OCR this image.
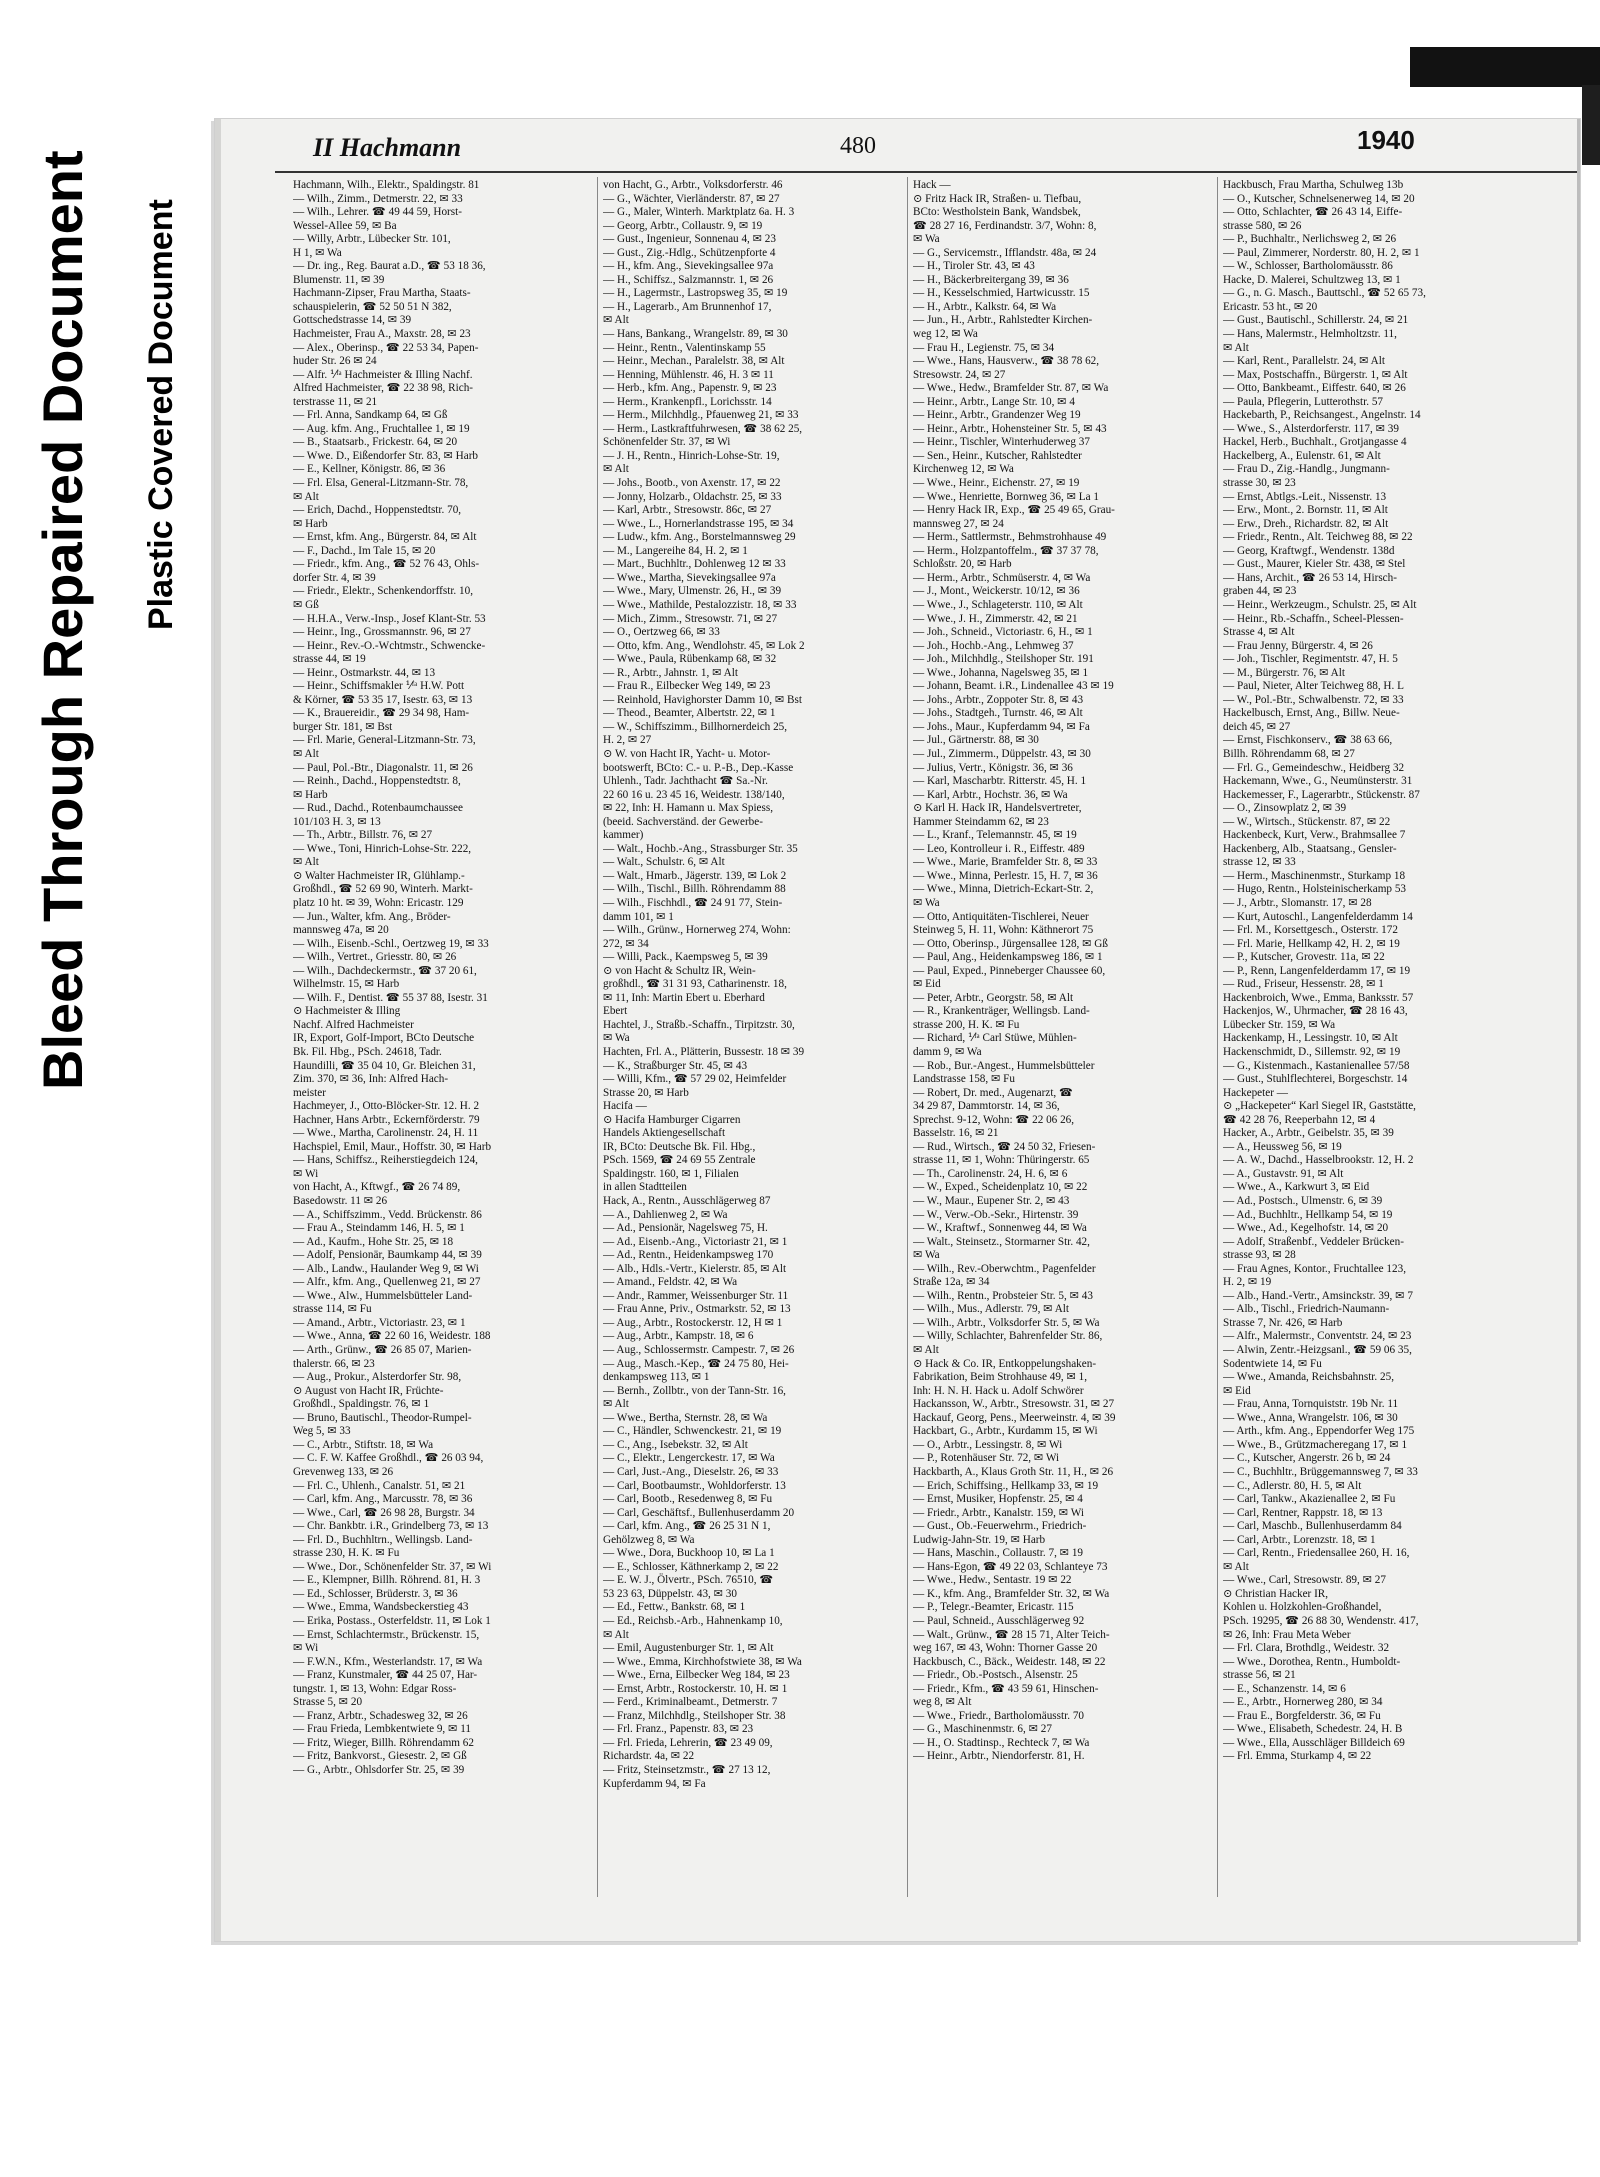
Bleed Through Repaired Document Plastic Covered Document
II Hachmann	480	1940
Hachmann, Wilh., Elektr., Spaldingstr. 81
— Wilh., Zimm., Detmerstr. 22, ✉ 33
— Wilh., Lehrer. ☎ 49 44 59, Horst-
Wessel-Allee 59, ✉ Ba
— Willy, Arbtr., Lübecker Str. 101,
H 1, ✉ Wa
— Dr. ing., Reg. Baurat a.D., ☎ 53 18 36,
Blumenstr. 11, ✉ 39
Hachmann-Zipser, Frau Martha, Staats-
schauspielerin, ☎ 52 50 51 N 382,
Gottschedstrasse 14, ✉ 39
Hachmeister, Frau A., Maxstr. 28, ✉ 23
— Alex., Oberinsp., ☎ 22 53 34, Papen-
huder Str. 26 ✉ 24
— Alfr. ⅟ᶠᵃ Hachmeister & Illing Nachf.
Alfred Hachmeister, ☎ 22 38 98, Rich-
terstrasse 11, ✉ 21
— Frl. Anna, Sandkamp 64, ✉ Gß
— Aug. kfm. Ang., Fruchtallee 1, ✉ 19
— B., Staatsarb., Frickestr. 64, ✉ 20
— Wwe. D., Eißendorfer Str. 83, ✉ Harb
— E., Kellner, Königstr. 86, ✉ 36
— Frl. Elsa, General-Litzmann-Str. 78,
✉ Alt
— Erich, Dachd., Hoppenstedtstr. 70,
✉ Harb
— Ernst, kfm. Ang., Bürgerstr. 84, ✉ Alt
— F., Dachd., Im Tale 15, ✉ 20
— Friedr., kfm. Ang., ☎ 52 76 43, Ohls-
dorfer Str. 4, ✉ 39
— Friedr., Elektr., Schenkendorffstr. 10,
✉ Gß
— H.H.A., Verw.-Insp., Josef Klant-Str. 53
— Heinr., Ing., Grossmannstr. 96, ✉ 27
— Heinr., Rev.-O.-Wchtmstr., Schwencke-
strasse 44, ✉ 19
— Heinr., Ostmarkstr. 44, ✉ 13
— Heinr., Schiffsmakler ⅟ᶠᵃ H.W. Pott
& Körner, ☎ 53 35 17, Isestr. 63, ✉ 13
— K., Brauereidir., ☎ 29 34 98, Ham-
burger Str. 181, ✉ Bst
— Frl. Marie, General-Litzmann-Str. 73,
✉ Alt
— Paul, Pol.-Btr., Diagonalstr. 11, ✉ 26
— Reinh., Dachd., Hoppenstedtstr. 8,
✉ Harb
— Rud., Dachd., Rotenbaumchaussee
101/103 H. 3, ✉ 13
— Th., Arbtr., Billstr. 76, ✉ 27
— Wwe., Toni, Hinrich-Lohse-Str. 222,
✉ Alt
⊙ Walter Hachmeister IR, Glühlamp.-
Großhdl., ☎ 52 69 90, Winterh. Markt-
platz 10 ht. ✉ 39, Wohn: Ericastr. 129
— Jun., Walter, kfm. Ang., Bröder-
mannsweg 47a, ✉ 20
— Wilh., Eisenb.-Schl., Oertzweg 19, ✉ 33
— Wilh., Vertret., Griesstr. 80, ✉ 26
— Wilh., Dachdeckermstr., ☎ 37 20 61,
Wilhelmstr. 15, ✉ Harb
— Wilh. F., Dentist. ☎ 55 37 88, Isestr. 31
⊙ Hachmeister & Illing
Nachf. Alfred Hachmeister
IR, Export, Golf-Import, BCto Deutsche
Bk. Fil. Hbg., PSch. 24618, Tadr.
Haundilli, ☎ 35 04 10, Gr. Bleichen 31,
Zim. 370, ✉ 36, Inh: Alfred Hach-
meister
Hachmeyer, J., Otto-Blöcker-Str. 12. H. 2
Hachner, Hans Arbtr., Eckernförderstr. 79
— Wwe., Martha, Carolinenstr. 24, H. 11
Hachspiel, Emil, Maur., Hoffstr. 30, ✉ Harb
— Hans, Schiffsz., Reiherstiegdeich 124,
✉ Wi
von Hacht, A., Kftwgf., ☎ 26 74 89,
Basedowstr. 11 ✉ 26
— A., Schiffszimm., Vedd. Brückenstr. 86
— Frau A., Steindamm 146, H. 5, ✉ 1
— Ad., Kaufm., Hohe Str. 25, ✉ 18
— Adolf, Pensionär, Baumkamp 44, ✉ 39
— Alb., Landw., Haulander Weg 9, ✉ Wi
— Alfr., kfm. Ang., Quellenweg 21, ✉ 27
— Wwe., Alw., Hummelsbütteler Land-
strasse 114, ✉ Fu
— Amand., Arbtr., Victoriastr. 23, ✉ 1
— Wwe., Anna, ☎ 22 60 16, Weidestr. 188
— Arth., Grünw., ☎ 26 85 07, Marien-
thalerstr. 66, ✉ 23
— Aug., Prokur., Alsterdorfer Str. 98,
⊙ August von Hacht IR, Früchte-
Großhdl., Spaldingstr. 76, ✉ 1
— Bruno, Bautischl., Theodor-Rumpel-
Weg 5, ✉ 33
— C., Arbtr., Stiftstr. 18, ✉ Wa
— C. F. W. Kaffee Großhdl., ☎ 26 03 94,
Grevenweg 133, ✉ 26
— Frl. C., Uhlenh., Canalstr. 51, ✉ 21
— Carl, kfm. Ang., Marcusstr. 78, ✉ 36
— Wwe., Carl, ☎ 26 98 28, Burgstr. 34
— Chr. Bankbtr. i.R., Grindelberg 73, ✉ 13
— Frl. D., Buchhltrn., Wellingsb. Land-
strasse 230, H. K. ✉ Fu
— Wwe., Dor., Schönenfelder Str. 37, ✉ Wi
— E., Klempner, Billh. Röhrend. 81, H. 3
— Ed., Schlosser, Brüderstr. 3, ✉ 36
— Wwe., Emma, Wandsbeckerstieg 43
— Erika, Postass., Osterfeldstr. 11, ✉ Lok 1
— Ernst, Schlachtermstr., Brückenstr. 15,
✉ Wi
— F.W.N., Kfm., Westerlandstr. 17, ✉ Wa
— Franz, Kunstmaler, ☎ 44 25 07, Har-
tungstr. 1, ✉ 13, Wohn: Edgar Ross-
Strasse 5, ✉ 20
— Franz, Arbtr., Schadesweg 32, ✉ 26
— Frau Frieda, Lembkentwiete 9, ✉ 11
— Fritz, Wieger, Billh. Röhrendamm 62
— Fritz, Bankvorst., Giesestr. 2, ✉ Gß
— G., Arbtr., Ohlsdorfer Str. 25, ✉ 39
von Hacht, G., Arbtr., Volksdorferstr. 46
— G., Wächter, Vierländerstr. 87, ✉ 27
— G., Maler, Winterh. Marktplatz 6a. H. 3
— Georg, Arbtr., Collaustr. 9, ✉ 19
— Gust., Ingenieur, Sonnenau 4, ✉ 23
— Gust., Zig.-Hdlg., Schützenpforte 4
— H., kfm. Ang., Sievekingsallee 97a
— H., Schiffsz., Salzmannstr. 1, ✉ 26
— H., Lagermstr., Lastropsweg 35, ✉ 19
— H., Lagerarb., Am Brunnenhof 17,
✉ Alt
— Hans, Bankang., Wrangelstr. 89, ✉ 30
— Heinr., Rentn., Valentinskamp 55
— Heinr., Mechan., Paralelstr. 38, ✉ Alt
— Henning, Mühlenstr. 46, H. 3 ✉ 11
— Herb., kfm. Ang., Papenstr. 9, ✉ 23
— Herm., Krankenpfl., Lorichsstr. 14
— Herm., Milchhdlg., Pfauenweg 21, ✉ 33
— Herm., Lastkraftfuhrwesen, ☎ 38 62 25,
Schönenfelder Str. 37, ✉ Wi
— J. H., Rentn., Hinrich-Lohse-Str. 19,
✉ Alt
— Johs., Bootb., von Axenstr. 17, ✉ 22
— Jonny, Holzarb., Oldachstr. 25, ✉ 33
— Karl, Arbtr., Stresowstr. 86c, ✉ 27
— Wwe., L., Hornerlandstrasse 195, ✉ 34
— Ludw., kfm. Ang., Borstelmannsweg 29
— M., Langereihe 84, H. 2, ✉ 1
— Mart., Buchhltr., Dohlenweg 12 ✉ 33
— Wwe., Martha, Sievekingsallee 97a
— Wwe., Mary, Ulmenstr. 26, H., ✉ 39
— Wwe., Mathilde, Pestalozzistr. 18, ✉ 33
— Mich., Zimm., Stresowstr. 71, ✉ 27
— O., Oertzweg 66, ✉ 33
— Otto, kfm. Ang., Wendlohstr. 45, ✉ Lok 2
— Wwe., Paula, Rübenkamp 68, ✉ 32
— R., Arbtr., Jahnstr. 1, ✉ Alt
— Frau R., Eilbecker Weg 149, ✉ 23
— Reinhold, Havighorster Damm 10, ✉ Bst
— Theod., Beamter, Albertstr. 22, ✉ 1
— W., Schiffszimm., Billhornerdeich 25,
H. 2, ✉ 27
⊙ W. von Hacht IR, Yacht- u. Motor-
bootswerft, BCto: C.- u. P.-B., Dep.-Kasse
Uhlenh., Tadr. Jachthacht ☎ Sa.-Nr.
22 60 16 u. 23 45 16, Weidestr. 138/140,
✉ 22, Inh: H. Hamann u. Max Spiess,
(beeid. Sachverständ. der Gewerbe-
kammer)
— Walt., Hochb.-Ang., Strassburger Str. 35
— Walt., Schulstr. 6, ✉ Alt
— Walt., Hmarb., Jägerstr. 139, ✉ Lok 2
— Wilh., Tischl., Billh. Röhrendamm 88
— Wilh., Fischhdl., ☎ 24 91 77, Stein-
damm 101, ✉ 1
— Wilh., Grünw., Hornerweg 274, Wohn:
272, ✉ 34
— Willi, Pack., Kaempsweg 5, ✉ 39
⊙ von Hacht & Schultz IR, Wein-
großhdl., ☎ 31 31 93, Catharinenstr. 18,
✉ 11, Inh: Martin Ebert u. Eberhard
Ebert
Hachtel, J., Straßb.-Schaffn., Tirpitzstr. 30,
✉ Wa
Hachten, Frl. A., Plätterin, Bussestr. 18 ✉ 39
— K., Straßburger Str. 45, ✉ 43
— Willi, Kfm., ☎ 57 29 02, Heimfelder
Strasse 20, ✉ Harb
Hacifa —
⊙ Hacifa Hamburger Cigarren
Handels Aktiengesellschaft
IR, BCto: Deutsche Bk. Fil. Hbg.,
PSch. 1569, ☎ 24 69 55 Zentrale
Spaldingstr. 160, ✉ 1, Filialen
in allen Stadtteilen
Hack, A., Rentn., Ausschlägerweg 87
— A., Dahlienweg 2, ✉ Wa
— Ad., Pensionär, Nagelsweg 75, H.
— Ad., Eisenb.-Ang., Victoriastr 21, ✉ 1
— Ad., Rentn., Heidenkampsweg 170
— Alb., Hdls.-Vertr., Kielerstr. 85, ✉ Alt
— Amand., Feldstr. 42, ✉ Wa
— Andr., Rammer, Weissenburger Str. 11
— Frau Anne, Priv., Ostmarkstr. 52, ✉ 13
— Aug., Arbtr., Rostockerstr. 12, H ✉ 1
— Aug., Arbtr., Kampstr. 18, ✉ 6
— Aug., Schlossermstr. Campestr. 7, ✉ 26
— Aug., Masch.-Kep., ☎ 24 75 80, Hei-
denkampsweg 113, ✉ 1
— Bernh., Zollbtr., von der Tann-Str. 16,
✉ Alt
— Wwe., Bertha, Sternstr. 28, ✉ Wa
— C., Händler, Schwenckestr. 21, ✉ 19
— C., Ang., Isebekstr. 32, ✉ Alt
— C., Elektr., Lengerckestr. 17, ✉ Wa
— Carl, Just.-Ang., Dieselstr. 26, ✉ 33
— Carl, Bootbaumstr., Wohldorferstr. 13
— Carl, Bootb., Resedenweg 8, ✉ Fu
— Carl, Geschäftsf., Bullenhuserdamm 20
— Carl, kfm. Ang., ☎ 26 25 31 N 1,
Gehölzweg 8, ✉ Wa
— Wwe., Dora, Buckhoop 10, ✉ La 1
— E., Schlosser, Käthnerkamp 2, ✉ 22
— E. W. J., Ölvertr., PSch. 76510, ☎
53 23 63, Düppelstr. 43, ✉ 30
— Ed., Fettw., Bankstr. 68, ✉ 1
— Ed., Reichsb.-Arb., Hahnenkamp 10,
✉ Alt
— Emil, Augustenburger Str. 1, ✉ Alt
— Wwe., Emma, Kirchhofstwiete 38, ✉ Wa
— Wwe., Erna, Eilbecker Weg 184, ✉ 23
— Ernst, Arbtr., Rostockerstr. 10, H. ✉ 1
— Ferd., Kriminalbeamt., Detmerstr. 7
— Franz, Milchhdlg., Steilshoper Str. 38
— Frl. Franz., Papenstr. 83, ✉ 23
— Frl. Frieda, Lehrerin, ☎ 23 49 09,
Richardstr. 4a, ✉ 22
— Fritz, Steinsetzmstr., ☎ 27 13 12,
Kupferdamm 94, ✉ Fa
Hack —
⊙ Fritz Hack IR, Straßen- u. Tiefbau,
BCto: Westholstein Bank, Wandsbek,
☎ 28 27 16, Ferdinandstr. 3/7, Wohn: 8,
✉ Wa
— G., Servicemstr., Ifflandstr. 48a, ✉ 24
— H., Tiroler Str. 43, ✉ 43
— H., Bäckerbreitergang 39, ✉ 36
— H., Kesselschmied, Hartwicusstr. 15
— H., Arbtr., Kalkstr. 64, ✉ Wa
— Jun., H., Arbtr., Rahlstedter Kirchen-
weg 12, ✉ Wa
— Frau H., Legienstr. 75, ✉ 34
— Wwe., Hans, Hausverw., ☎ 38 78 62,
Stresowstr. 24, ✉ 27
— Wwe., Hedw., Bramfelder Str. 87, ✉ Wa
— Heinr., Arbtr., Lange Str. 10, ✉ 4
— Heinr., Arbtr., Grandenzer Weg 19
— Heinr., Arbtr., Hohensteiner Str. 5, ✉ 43
— Heinr., Tischler, Winterhuderweg 37
— Sen., Heinr., Kutscher, Rahlstedter
Kirchenweg 12, ✉ Wa
— Wwe., Heinr., Eichenstr. 27, ✉ 19
— Wwe., Henriette, Bornweg 36, ✉ La 1
— Henry Hack IR, Exp., ☎ 25 49 65, Grau-
mannsweg 27, ✉ 24
— Herm., Sattlermstr., Behmstrohhause 49
— Herm., Holzpantoffelm., ☎ 37 37 78,
Schloßstr. 20, ✉ Harb
— Herm., Arbtr., Schmüserstr. 4, ✉ Wa
— J., Mont., Weickerstr. 10/12, ✉ 36
— Wwe., J., Schlageterstr. 110, ✉ Alt
— Wwe., J. H., Zimmerstr. 42, ✉ 21
— Joh., Schneid., Victoriastr. 6, H., ✉ 1
— Joh., Hochb.-Ang., Lehmweg 37
— Joh., Milchhdlg., Steilshoper Str. 191
— Wwe., Johanna, Nagelsweg 35, ✉ 1
— Johann, Beamt. i.R., Lindenallee 43 ✉ 19
— Johs., Arbtr., Zoppoter Str. 8, ✉ 43
— Johs., Stadtgeh., Turnstr. 46, ✉ Alt
— Johs., Maur., Kupferdamm 94, ✉ Fa
— Jul., Gärtnerstr. 88, ✉ 30
— Jul., Zimmerm., Düppelstr. 43, ✉ 30
— Julius, Vertr., Königstr. 36, ✉ 36
— Karl, Mascharbtr. Ritterstr. 45, H. 1
— Karl, Arbtr., Hochstr. 36, ✉ Wa
⊙ Karl H. Hack IR, Handelsvertreter,
Hammer Steindamm 62, ✉ 23
— L., Kranf., Telemannstr. 45, ✉ 19
— Leo, Kontrolleur i. R., Eiffestr. 489
— Wwe., Marie, Bramfelder Str. 8, ✉ 33
— Wwe., Minna, Perlestr. 15, H. 7, ✉ 36
— Wwe., Minna, Dietrich-Eckart-Str. 2,
✉ Wa
— Otto, Antiquitäten-Tischlerei, Neuer
Steinweg 5, H. 11, Wohn: Käthnerort 75
— Otto, Oberinsp., Jürgensallee 128, ✉ Gß
— Paul, Ang., Heidenkampsweg 186, ✉ 1
— Paul, Exped., Pinneberger Chaussee 60,
✉ Eid
— Peter, Arbtr., Georgstr. 58, ✉ Alt
— R., Krankenträger, Wellingsb. Land-
strasse 200, H. K. ✉ Fu
— Richard, ⅟ᶠᵃ Carl Stüwe, Mühlen-
damm 9, ✉ Wa
— Rob., Bur.-Angest., Hummelsbütteler
Landstrasse 158, ✉ Fu
— Robert, Dr. med., Augenarzt, ☎
34 29 87, Dammtorstr. 14, ✉ 36,
Sprechst. 9-12, Wohn: ☎ 22 06 26,
Basselstr. 16, ✉ 21
— Rud., Wirtsch., ☎ 24 50 32, Friesen-
strasse 11, ✉ 1, Wohn: Thüringerstr. 65
— Th., Carolinenstr. 24, H. 6, ✉ 6
— W., Exped., Scheidenplatz 10, ✉ 22
— W., Maur., Eupener Str. 2, ✉ 43
— W., Verw.-Ob.-Sekr., Hirtenstr. 39
— W., Kraftwf., Sonnenweg 44, ✉ Wa
— Walt., Steinsetz., Stormarner Str. 42,
✉ Wa
— Wilh., Rev.-Oberwchtm., Pagenfelder
Straße 12a, ✉ 34
— Wilh., Rentn., Probsteier Str. 5, ✉ 43
— Wilh., Mus., Adlerstr. 79, ✉ Alt
— Wilh., Arbtr., Volksdorfer Str. 5, ✉ Wa
— Willy, Schlachter, Bahrenfelder Str. 86,
✉ Alt
⊙ Hack & Co. IR, Entkoppelungshaken-
Fabrikation, Beim Strohhause 49, ✉ 1,
Inh: H. N. H. Hack u. Adolf Schwörer
Hackansson, W., Arbtr., Stresowstr. 31, ✉ 27
Hackauf, Georg, Pens., Meerweinstr. 4, ✉ 39
Hackbart, G., Arbtr., Kurdamm 15, ✉ Wi
— O., Arbtr., Lessingstr. 8, ✉ Wi
— P., Rotenhäuser Str. 72, ✉ Wi
Hackbarth, A., Klaus Groth Str. 11, H., ✉ 26
— Erich, Schiffsing., Hellkamp 33, ✉ 19
— Ernst, Musiker, Hopfenstr. 25, ✉ 4
— Friedr., Arbtr., Kanalstr. 159, ✉ Wi
— Gust., Ob.-Feuerwehrm., Friedrich-
Ludwig-Jahn-Str. 19, ✉ Harb
— Hans, Maschin., Collaustr. 7, ✉ 19
— Hans-Egon, ☎ 49 22 03, Schlanteye 73
— Wwe., Hedw., Sentastr. 19 ✉ 22
— K., kfm. Ang., Bramfelder Str. 32, ✉ Wa
— P., Telegr.-Beamter, Ericastr. 115
— Paul, Schneid., Ausschlägerweg 92
— Walt., Grünw., ☎ 28 15 71, Alter Teich-
weg 167, ✉ 43, Wohn: Thorner Gasse 20
Hackbusch, C., Bäck., Weidestr. 148, ✉ 22
— Friedr., Ob.-Postsch., Alsenstr. 25
— Friedr., Kfm., ☎ 43 59 61, Hinschen-
weg 8, ✉ Alt
— Wwe., Friedr., Bartholomäusstr. 70
— G., Maschinenmstr. 6, ✉ 27
— H., O. Stadtinsp., Rechteck 7, ✉ Wa
— Heinr., Arbtr., Niendorferstr. 81, H.
Hackbusch, Frau Martha, Schulweg 13b
— O., Kutscher, Schnelsenerweg 14, ✉ 20
— Otto, Schlachter, ☎ 26 43 14, Eiffe-
strasse 580, ✉ 26
— P., Buchhaltr., Nerlichsweg 2, ✉ 26
— Paul, Zimmerer, Norderstr. 80, H. 2, ✉ 1
— W., Schlosser, Bartholomäusstr. 86
Hacke, D. Malerei, Schultzweg 13, ✉ 1
— G., n. G. Masch., Bauttschl., ☎ 52 65 73,
Ericastr. 53 ht., ✉ 20
— Gust., Bautischl., Schillerstr. 24, ✉ 21
— Hans, Malermstr., Helmholtzstr. 11,
✉ Alt
— Karl, Rent., Parallelstr. 24, ✉ Alt
— Max, Postschaffn., Bürgerstr. 1, ✉ Alt
— Otto, Bankbeamt., Eiffestr. 640, ✉ 26
— Paula, Pflegerin, Lutterothstr. 57
Hackebarth, P., Reichsangest., Angelnstr. 14
— Wwe., S., Alsterdorferstr. 117, ✉ 39
Hackel, Herb., Buchhalt., Grotjangasse 4
Hackelberg, A., Eulenstr. 61, ✉ Alt
— Frau D., Zig.-Handlg., Jungmann-
strasse 30, ✉ 23
— Ernst, Abtlgs.-Leit., Nissenstr. 13
— Erw., Mont., 2. Bornstr. 11, ✉ Alt
— Erw., Dreh., Richardstr. 82, ✉ Alt
— Friedr., Rentn., Alt. Teichweg 88, ✉ 22
— Georg, Kraftwgf., Wendenstr. 138d
— Gust., Maurer, Kieler Str. 438, ✉ Stel
— Hans, Archit., ☎ 26 53 14, Hirsch-
graben 44, ✉ 23
— Heinr., Werkzeugm., Schulstr. 25, ✉ Alt
— Heinr., Rb.-Schaffn., Scheel-Plessen-
Strasse 4, ✉ Alt
— Frau Jenny, Bürgerstr. 4, ✉ 26
— Joh., Tischler, Regimentstr. 47, H. 5
— M., Bürgerstr. 76, ✉ Alt
— Paul, Nieter, Alter Teichweg 88, H. L
— W., Pol.-Btr., Schwalbenstr. 72, ✉ 33
Hackelbusch, Ernst, Ang., Billw. Neue-
deich 45, ✉ 27
— Ernst, Fischkonserv., ☎ 38 63 66,
Billh. Röhrendamm 68, ✉ 27
— Frl. G., Gemeindeschw., Heidberg 32
Hackemann, Wwe., G., Neumünsterstr. 31
Hackemesser, F., Lagerarbtr., Stückenstr. 87
— O., Zinsowplatz 2, ✉ 39
— W., Wirtsch., Stückenstr. 87, ✉ 22
Hackenbeck, Kurt, Verw., Brahmsallee 7
Hackenberg, Alb., Staatsang., Gensler-
strasse 12, ✉ 33
— Herm., Maschinenmstr., Sturkamp 18
— Hugo, Rentn., Holsteinischerkamp 53
— J., Arbtr., Slomanstr. 17, ✉ 28
— Kurt, Autoschl., Langenfelderdamm 14
— Frl. M., Korsettgesch., Osterstr. 172
— Frl. Marie, Hellkamp 42, H. 2, ✉ 19
— P., Kutscher, Grovestr. 11a, ✉ 22
— P., Renn, Langenfelderdamm 17, ✉ 19
— Rud., Friseur, Hessenstr. 28, ✉ 1
Hackenbroich, Wwe., Emma, Banksstr. 57
Hackenjos, W., Uhrmacher, ☎ 28 16 43,
Lübecker Str. 159, ✉ Wa
Hackenkamp, H., Lessingstr. 10, ✉ Alt
Hackenschmidt, D., Sillemstr. 92, ✉ 19
— G., Kistenmach., Kastanienallee 57/58
— Gust., Stuhlflechterei, Borgeschstr. 14
Hackepeter —
⊙ „Hackepeter“ Karl Siegel IR, Gaststätte,
☎ 42 28 76, Reeperbahn 12, ✉ 4
Hacker, A., Arbtr., Geibelstr. 35, ✉ 39
— A., Heussweg 56, ✉ 19
— A. W., Dachd., Hasselbrookstr. 12, H. 2
— A., Gustavstr. 91, ✉ Alt
— Wwe., A., Karkwurt 3, ✉ Eid
— Ad., Postsch., Ulmenstr. 6, ✉ 39
— Ad., Buchhltr., Hellkamp 54, ✉ 19
— Wwe., Ad., Kegelhofstr. 14, ✉ 20
— Adolf, Straßenbf., Veddeler Brücken-
strasse 93, ✉ 28
— Frau Agnes, Kontor., Fruchtallee 123,
H. 2, ✉ 19
— Alb., Hand.-Vertr., Amsinckstr. 39, ✉ 7
— Alb., Tischl., Friedrich-Naumann-
Strasse 7, Nr. 426, ✉ Harb
— Alfr., Malermstr., Conventstr. 24, ✉ 23
— Alwin, Zentr.-Heizgsanl., ☎ 59 06 35,
Sodentwiete 14, ✉ Fu
— Wwe., Amanda, Reichsbahnstr. 25,
✉ Eid
— Frau, Anna, Tornquiststr. 19b Nr. 11
— Wwe., Anna, Wrangelstr. 106, ✉ 30
— Arth., kfm. Ang., Eppendorfer Weg 175
— Wwe., B., Grützmacheregang 17, ✉ 1
— C., Kutscher, Angerstr. 26 b, ✉ 24
— C., Buchhltr., Brüggemannsweg 7, ✉ 33
— C., Adlerstr. 80, H. 5, ✉ Alt
— Carl, Tankw., Akazienallee 2, ✉ Fu
— Carl, Rentner, Rappstr. 18, ✉ 13
— Carl, Maschb., Bullenhuserdamm 84
— Carl, Arbtr., Lorenzstr. 18, ✉ 1
— Carl, Rentn., Friedensallee 260, H. 16,
✉ Alt
— Wwe., Carl, Stresowstr. 89, ✉ 27
⊙ Christian Hacker IR,
Kohlen u. Holzkohlen-Großhandel,
PSch. 19295, ☎ 26 88 30, Wendenstr. 417,
✉ 26, Inh: Frau Meta Weber
— Frl. Clara, Brothdlg., Weidestr. 32
— Wwe., Dorothea, Rentn., Humboldt-
strasse 56, ✉ 21
— E., Schanzenstr. 14, ✉ 6
— E., Arbtr., Hornerweg 280, ✉ 34
— Frau E., Borgfelderstr. 36, ✉ Fu
— Wwe., Elisabeth, Schedestr. 24, H. B
— Wwe., Ella, Ausschläger Billdeich 69
— Frl. Emma, Sturkamp 4, ✉ 22
